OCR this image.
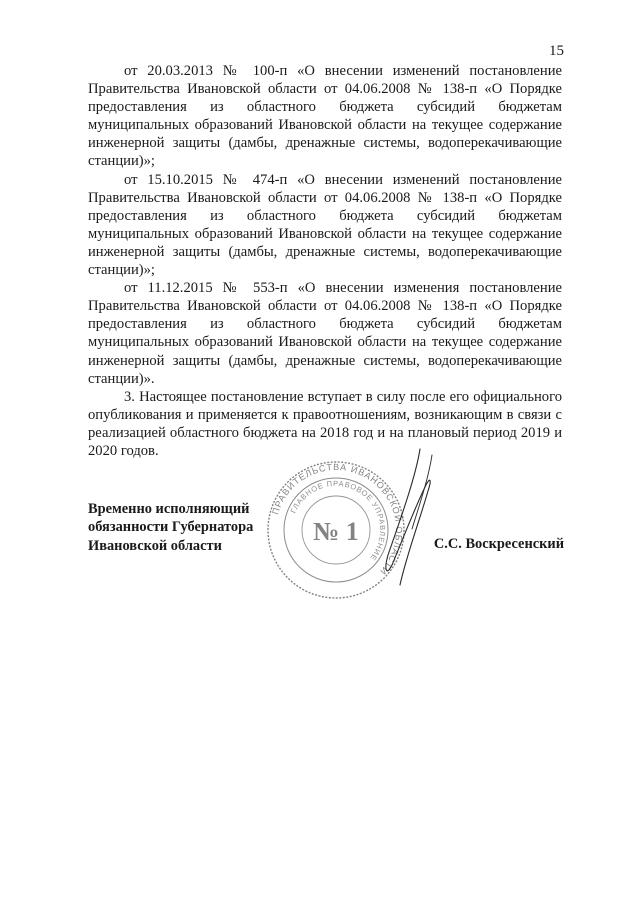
15

от 20.03.2013 № 100-п «О внесении изменений постановление Правительства Ивановской области от 04.06.2008 № 138-п «О Порядке предоставления из областного бюджета субсидий бюджетам муниципальных образований Ивановской области на текущее содержание инженерной защиты (дамбы, дренажные системы, водоперекачивающие станции)»;

от 15.10.2015 № 474-п «О внесении изменений постановление Правительства Ивановской области от 04.06.2008 № 138-п «О Порядке предоставления из областного бюджета субсидий бюджетам муниципальных образований Ивановской области на текущее содержание инженерной защиты (дамбы, дренажные системы, водоперекачивающие станции)»;

от 11.12.2015 № 553-п «О внесении изменения постановление Правительства Ивановской области от 04.06.2008 № 138-п «О Порядке предоставления из областного бюджета субсидий бюджетам муниципальных образований Ивановской области на текущее содержание инженерной защиты (дамбы, дренажные системы, водоперекачивающие станции)».

3. Настоящее постановление вступает в силу после его официального опубликования и применяется к правоотношениям, возникающим в связи с реализацией областного бюджета на 2018 год и на плановый период 2019 и 2020 годов.

Временно исполняющий
обязанности Губернатора
Ивановской области
ПРАВИТЕЛЬСТВА ИВАНОВСКОЙ ОБЛАСТИ
ГЛАВНОЕ ПРАВОВОЕ УПРАВЛЕНИЕ
№ 1	С.С. Воскресенский
